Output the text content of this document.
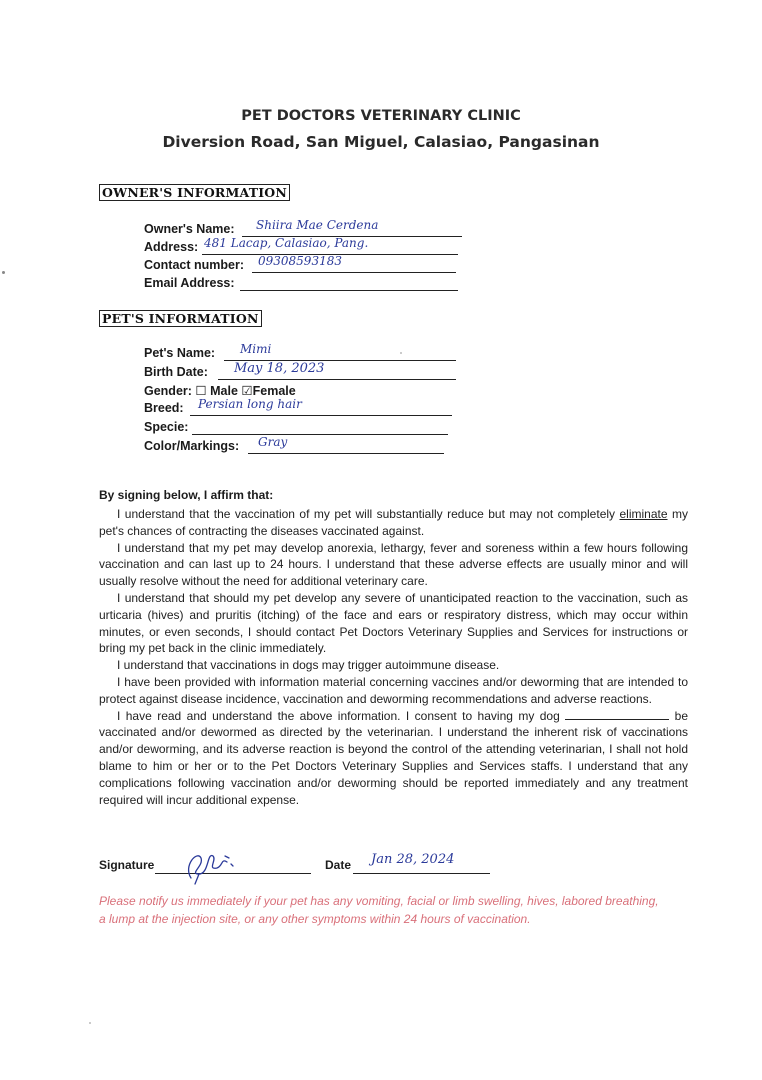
PET DOCTORS VETERINARY CLINIC
Diversion Road, San Miguel, Calasiao, Pangasinan
OWNER'S INFORMATION
Owner's Name: Shiira Mae Cerdena
Address: 481 Lacap, Calasiao, Pang.
Contact number: 09308593183
Email Address:
PET'S INFORMATION
Pet's Name: Mimi
Birth Date: May 18, 2023
Gender: ☐ Male ☑Female
Breed: Persian long hair
Specie:
Color/Markings: Gray
By signing below, I affirm that:

I understand that the vaccination of my pet will substantially reduce but may not completely eliminate my pet's chances of contracting the diseases vaccinated against.

I understand that my pet may develop anorexia, lethargy, fever and soreness within a few hours following vaccination and can last up to 24 hours. I understand that these adverse effects are usually minor and will usually resolve without the need for additional veterinary care.

I understand that should my pet develop any severe of unanticipated reaction to the vaccination, such as urticaria (hives) and pruritis (itching) of the face and ears or respiratory distress, which may occur within minutes, or even seconds, I should contact Pet Doctors Veterinary Supplies and Services for instructions or bring my pet back in the clinic immediately.

I understand that vaccinations in dogs may trigger autoimmune disease.

I have been provided with information material concerning vaccines and/or deworming that are intended to protect against disease incidence, vaccination and deworming recommendations and adverse reactions.

I have read and understand the above information. I consent to having my dog	be vaccinated and/or dewormed as directed by the veterinarian. I understand the inherent risk of vaccinations and/or deworming, and its adverse reaction is beyond the control of the attending veterinarian, I shall not hold blame to him or her or to the Pet Doctors Veterinary Supplies and Services staffs. I understand that any complications following vaccination and/or deworming should be reported immediately and any treatment required will incur additional expense.

Signature	Date Jan 28, 2024
Please notify us immediately if your pet has any vomiting, facial or limb swelling, hives, labored breathing, a lump at the injection site, or any other symptoms within 24 hours of vaccination.
